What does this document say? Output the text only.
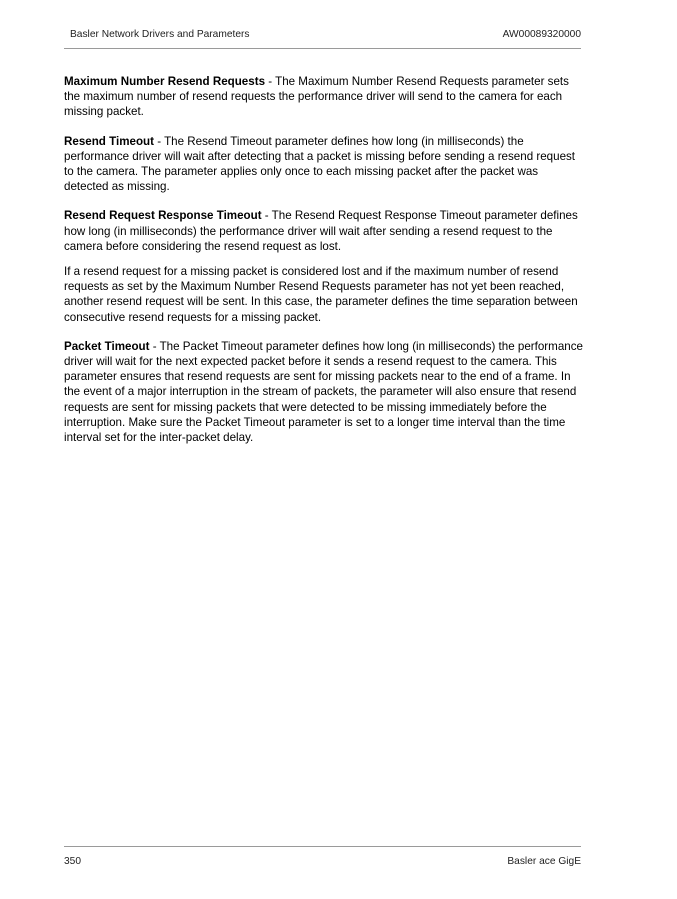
Basler Network Drivers and Parameters	AW00089320000

Maximum Number Resend Requests - The Maximum Number Resend Requests parameter sets the maximum number of resend requests the performance driver will send to the camera for each missing packet.

Resend Timeout - The Resend Timeout parameter defines how long (in milliseconds) the performance driver will wait after detecting that a packet is missing before sending a resend request to the camera. The parameter applies only once to each missing packet after the packet was detected as missing.

Resend Request Response Timeout - The Resend Request Response Timeout parameter defines how long (in milliseconds) the performance driver will wait after sending a resend request to the camera before considering the resend request as lost.

If a resend request for a missing packet is considered lost and if the maximum number of resend requests as set by the Maximum Number Resend Requests parameter has not yet been reached, another resend request will be sent. In this case, the parameter defines the time separation between consecutive resend requests for a missing packet.

Packet Timeout - The Packet Timeout parameter defines how long (in milliseconds) the performance driver will wait for the next expected packet before it sends a resend request to the camera. This parameter ensures that resend requests are sent for missing packets near to the end of a frame. In the event of a major interruption in the stream of packets, the parameter will also ensure that resend requests are sent for missing packets that were detected to be missing immediately before the interruption. Make sure the Packet Timeout parameter is set to a longer time interval than the time interval set for the inter-packet delay.

350	Basler ace GigE
